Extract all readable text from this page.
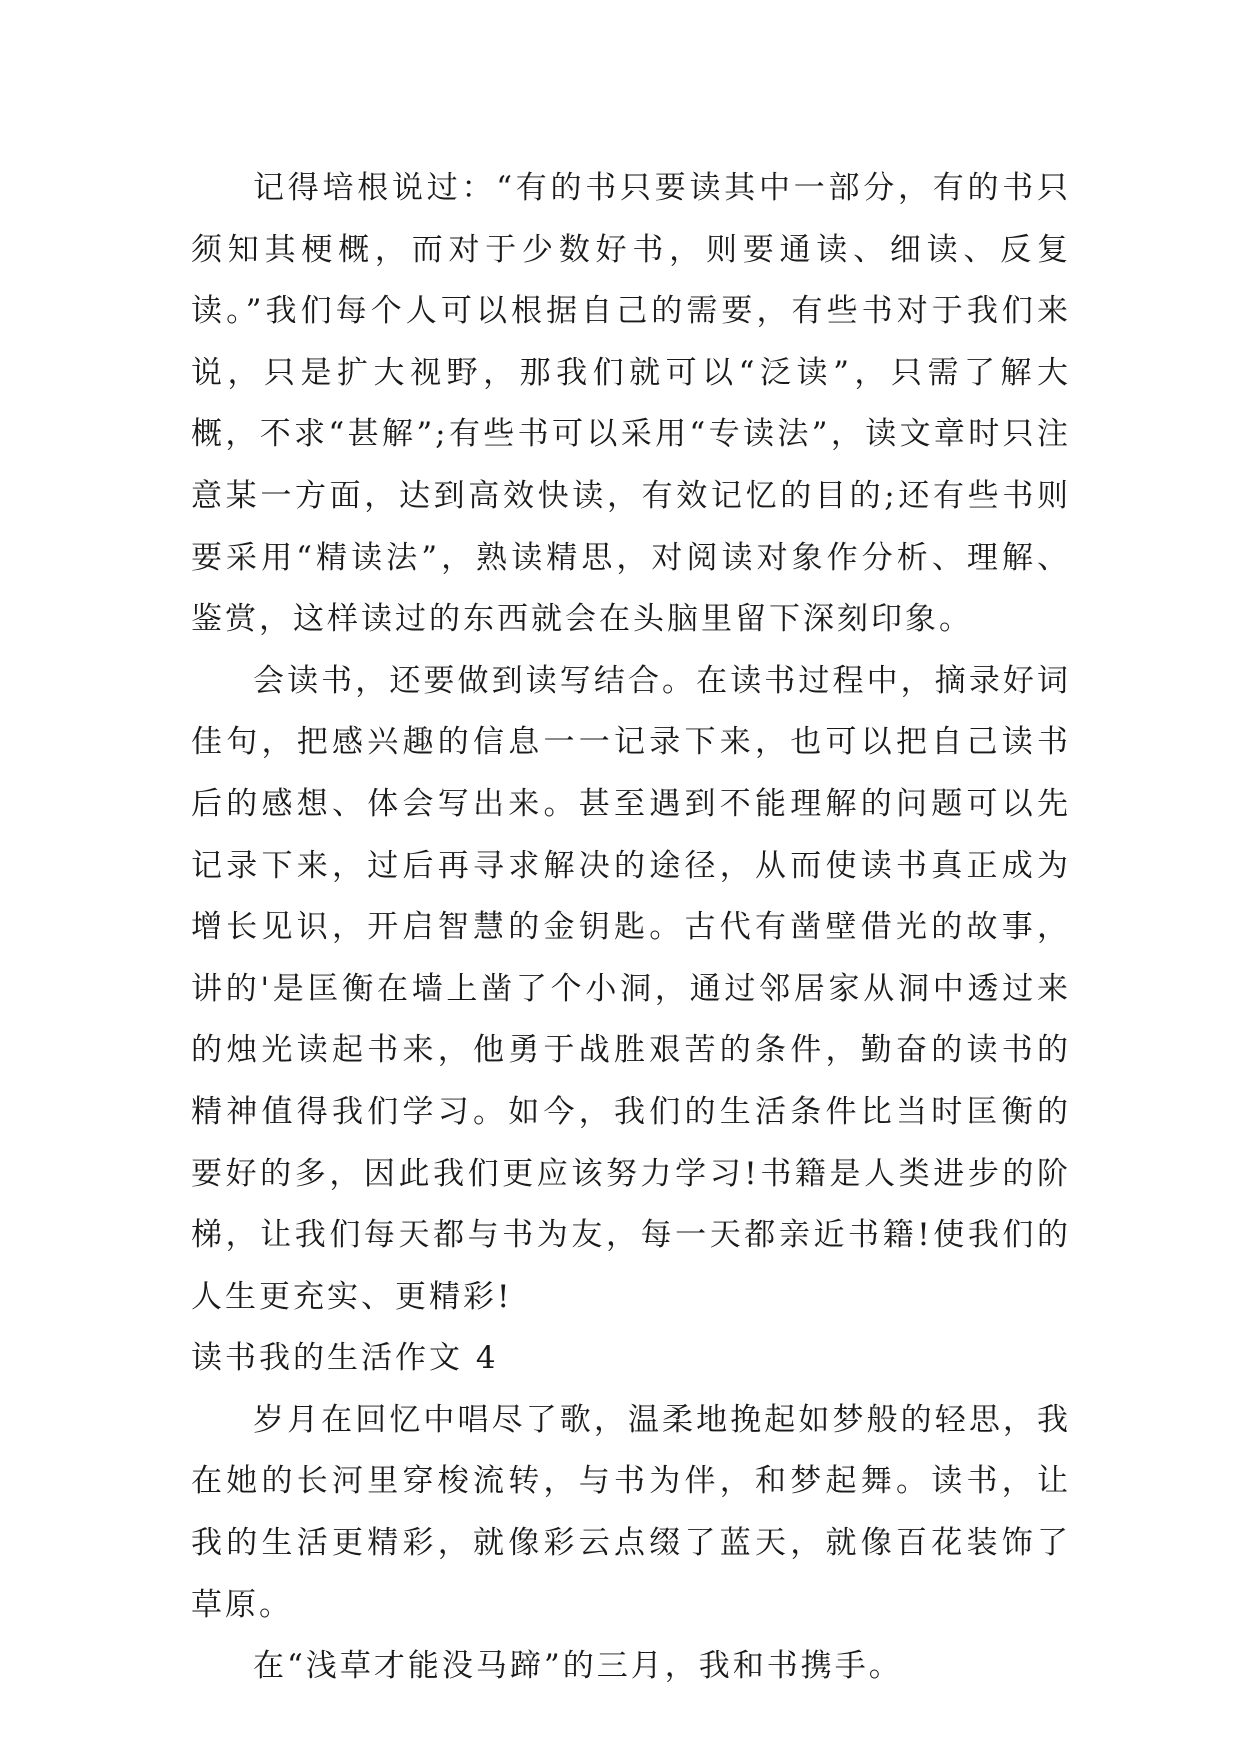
记得培根说过：“有的书只要读其中一部分，有的书只须知其梗概，而对于少数好书，则要通读、细读、反复读。”我们每个人可以根据自己的需要，有些书对于我们来说，只是扩大视野，那我们就可以“泛读”，只需了解大概，不求“甚解”;有些书可以采用“专读法”，读文章时只注意某一方面，达到高效快读，有效记忆的目的;还有些书则要采用“精读法”，熟读精思，对阅读对象作分析、理解、鉴赏，这样读过的东西就会在头脑里留下深刻印象。

会读书，还要做到读写结合。在读书过程中，摘录好词佳句，把感兴趣的信息一一记录下来，也可以把自己读书后的感想、体会写出来。甚至遇到不能理解的问题可以先记录下来，过后再寻求解决的途径，从而使读书真正成为增长见识，开启智慧的金钥匙。古代有凿壁借光的故事，讲的'是匡衡在墙上凿了个小洞，通过邻居家从洞中透过来的烛光读起书来，他勇于战胜艰苦的条件，勤奋的读书的精神值得我们学习。如今，我们的生活条件比当时匡衡的要好的多，因此我们更应该努力学习!书籍是人类进步的阶梯，让我们每天都与书为友，每一天都亲近书籍!使我们的人生更充实、更精彩!

读书我的生活作文 4

岁月在回忆中唱尽了歌，温柔地挽起如梦般的轻思，我在她的长河里穿梭流转，与书为伴，和梦起舞。读书，让我的生活更精彩，就像彩云点缀了蓝天，就像百花装饰了草原。

在“浅草才能没马蹄”的三月，我和书携手。
